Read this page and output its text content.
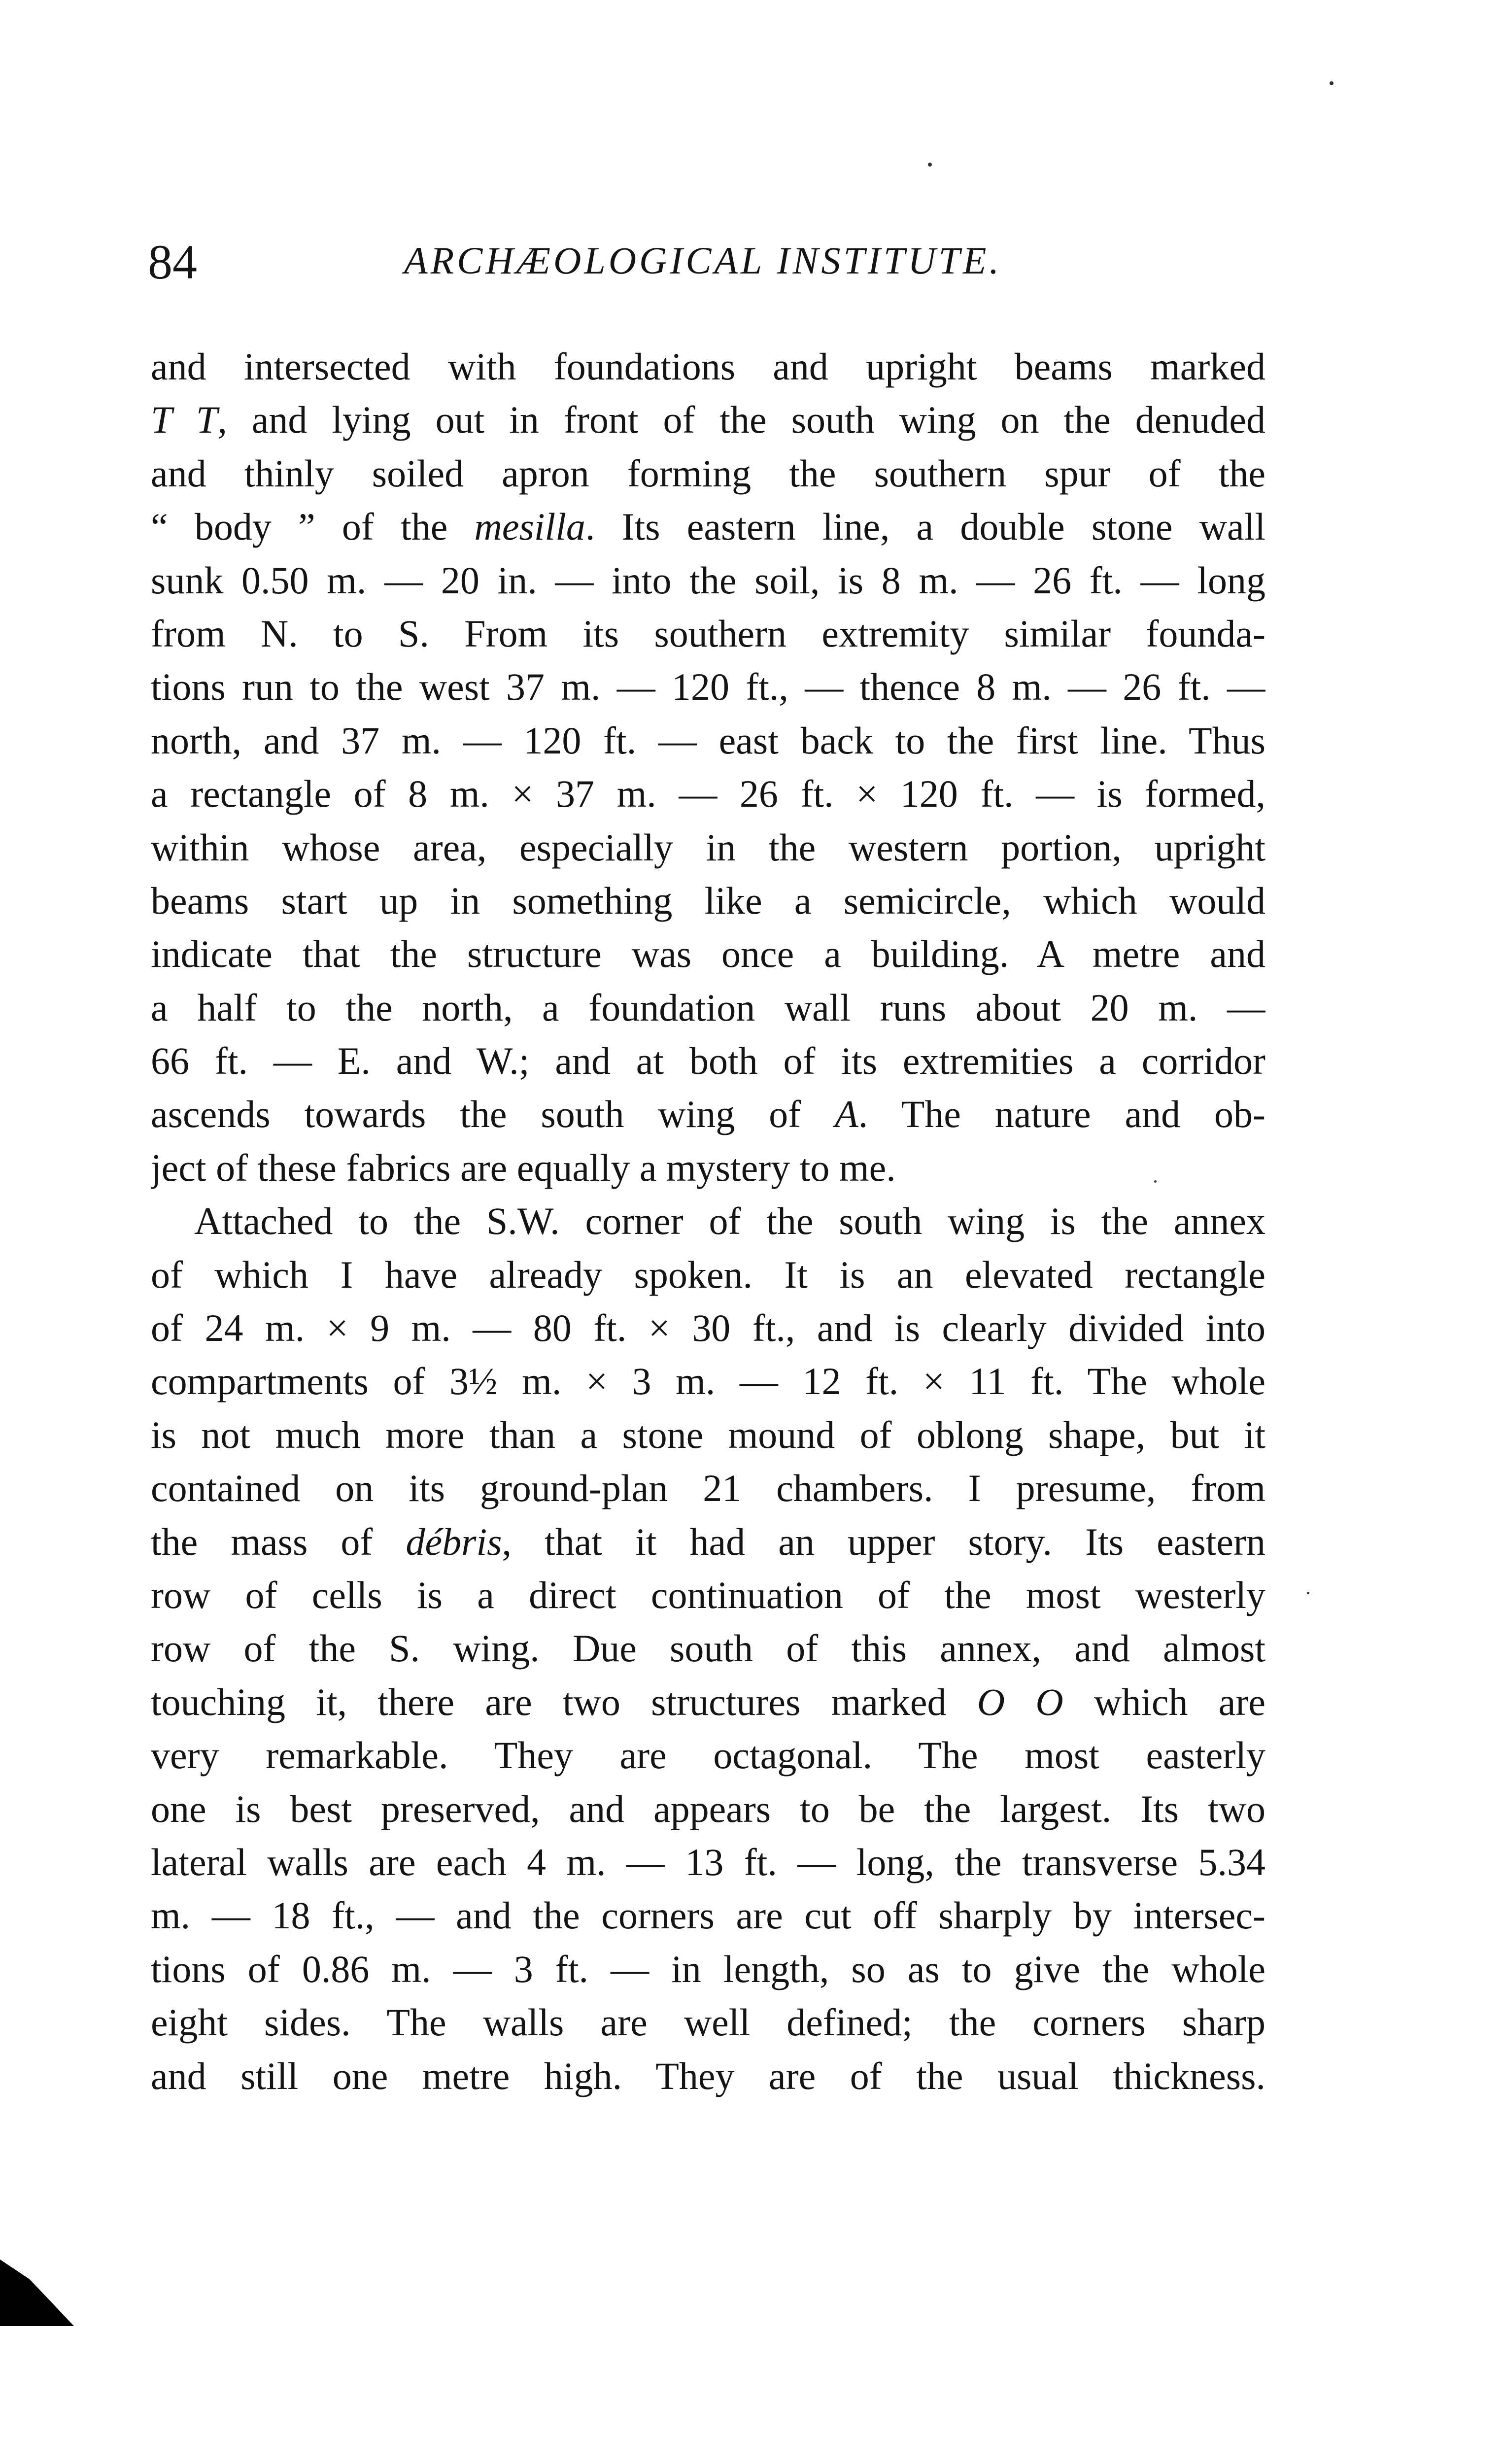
84	ARCHÆOLOGICAL INSTITUTE.
and intersected with foundations and upright beams marked
T T, and lying out in front of the south wing on the denuded
and thinly soiled apron forming the southern spur of the
“ body ” of the mesilla. Its eastern line, a double stone wall
sunk 0.50 m. — 20 in. — into the soil, is 8 m. — 26 ft. — long
from N. to S. From its southern extremity similar founda-
tions run to the west 37 m. — 120 ft., — thence 8 m. — 26 ft. —
north, and 37 m. — 120 ft. — east back to the first line. Thus
a rectangle of 8 m. × 37 m. — 26 ft. × 120 ft. — is formed,
within whose area, especially in the western portion, upright
beams start up in something like a semicircle, which would
indicate that the structure was once a building. A metre and
a half to the north, a foundation wall runs about 20 m. —
66 ft. — E. and W.; and at both of its extremities a corridor
ascends towards the south wing of A. The nature and ob-
ject of these fabrics are equally a mystery to me.
Attached to the S.W. corner of the south wing is the annex
of which I have already spoken. It is an elevated rectangle
of 24 m. × 9 m. — 80 ft. × 30 ft., and is clearly divided into
compartments of 3½ m. × 3 m. — 12 ft. × 11 ft. The whole
is not much more than a stone mound of oblong shape, but it
contained on its ground-plan 21 chambers. I presume, from
the mass of débris, that it had an upper story. Its eastern
row of cells is a direct continuation of the most westerly
row of the S. wing. Due south of this annex, and almost
touching it, there are two structures marked O O which are
very remarkable. They are octagonal. The most easterly
one is best preserved, and appears to be the largest. Its two
lateral walls are each 4 m. — 13 ft. — long, the transverse 5.34
m. — 18 ft., — and the corners are cut off sharply by intersec-
tions of 0.86 m. — 3 ft. — in length, so as to give the whole
eight sides. The walls are well defined; the corners sharp
and still one metre high. They are of the usual thickness.
